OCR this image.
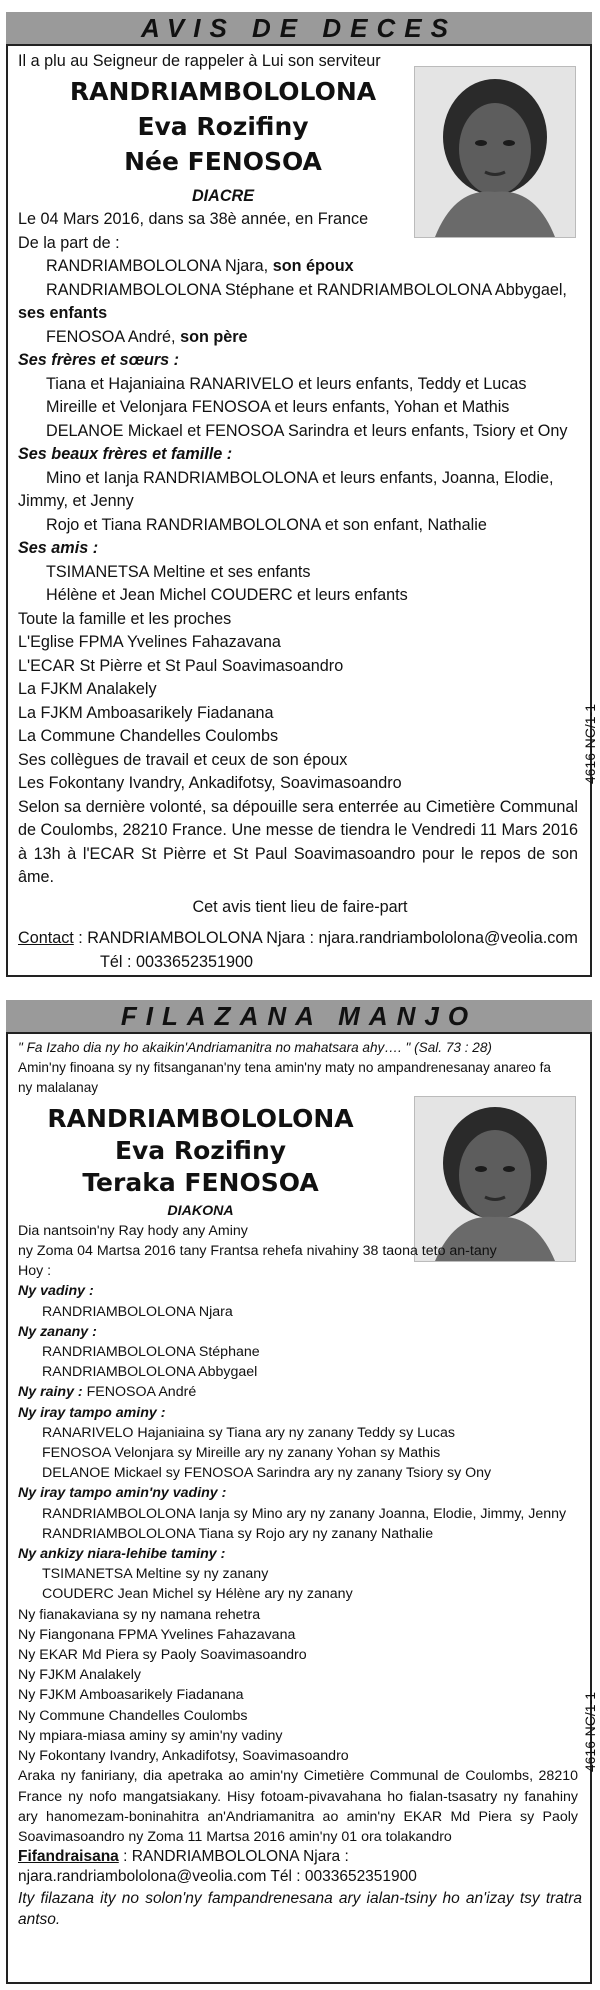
AVIS DE DECES
4616-NC/1-1
Il a plu au Seigneur de rappeler à Lui son serviteur
RANDRIAMBOLOLONA
Eva Rozifiny
Née FENOSOA
DIACRE
Le 04 Mars 2016, dans sa 38è année, en France
De la part de :
RANDRIAMBOLOLONA Njara, son époux
RANDRIAMBOLOLONA Stéphane et RANDRIAMBOLOLONA Abbygael,
ses enfants
FENOSOA André, son père
Ses frères et sœurs :
Tiana et Hajaniaina RANARIVELO et leurs enfants, Teddy et Lucas
Mireille et Velonjara FENOSOA et leurs enfants, Yohan et Mathis
DELANOE Mickael et FENOSOA Sarindra et leurs enfants, Tsiory et Ony
Ses beaux frères et famille :
Mino et Ianja RANDRIAMBOLOLONA et leurs enfants, Joanna, Elodie,
Jimmy, et Jenny
Rojo et Tiana RANDRIAMBOLOLONA et son enfant, Nathalie
Ses amis :
TSIMANETSA Meltine et ses enfants
Hélène et Jean Michel COUDERC et leurs enfants
Toute la famille et les proches
L'Eglise FPMA Yvelines Fahazavana
L'ECAR St Pièrre et St Paul Soavimasoandro
La FJKM Analakely
La FJKM Amboasarikely Fiadanana
La Commune Chandelles Coulombs
Ses collègues de travail et ceux de son époux
Les Fokontany Ivandry, Ankadifotsy, Soavimasoandro
Selon sa dernière volonté, sa dépouille sera enterrée au Cimetière Communal de Coulombs, 28210 France. Une messe de tiendra le Vendredi 11 Mars 2016 à 13h à l'ECAR St Pièrre et St Paul Soavimasoandro pour le repos de son âme.
Cet avis tient lieu de faire-part
Contact : RANDRIAMBOLOLONA Njara : njara.randriambololona@veolia.com
Tél : 0033652351900
FILAZANA MANJO
4616-NC/1-1
" Fa Izaho dia ny ho akaikin'Andriamanitra no mahatsara ahy…. " (Sal. 73 : 28)
Amin'ny finoana sy ny fitsanganan'ny tena amin'ny maty no ampandrenesanay anareo fa
ny malalanay
RANDRIAMBOLOLONA
Eva Rozifiny
Teraka FENOSOA
DIAKONA
Dia nantsoin'ny Ray hody any Aminy
ny Zoma 04 Martsa 2016 tany Frantsa rehefa nivahiny 38 taona teto an-tany
Hoy :
Ny vadiny :
RANDRIAMBOLOLONA Njara
Ny zanany :
RANDRIAMBOLOLONA Stéphane
RANDRIAMBOLOLONA Abbygael
Ny rainy : FENOSOA André
Ny iray tampo aminy :
RANARIVELO Hajaniaina sy Tiana ary ny zanany Teddy sy Lucas
FENOSOA Velonjara sy Mireille ary ny zanany Yohan sy Mathis
DELANOE Mickael sy FENOSOA Sarindra ary ny zanany Tsiory sy Ony
Ny iray tampo amin'ny vadiny :
RANDRIAMBOLOLONA Ianja sy Mino ary ny zanany Joanna, Elodie, Jimmy, Jenny
RANDRIAMBOLOLONA Tiana sy Rojo ary ny zanany Nathalie
Ny ankizy niara-lehibe taminy :
TSIMANETSA Meltine sy ny zanany
COUDERC Jean Michel sy Hélène ary ny zanany
Ny fianakaviana sy ny namana rehetra
Ny Fiangonana FPMA Yvelines Fahazavana
Ny EKAR Md Piera sy Paoly Soavimasoandro
Ny FJKM Analakely
Ny FJKM Amboasarikely Fiadanana
Ny Commune Chandelles Coulombs
Ny mpiara-miasa aminy sy amin'ny vadiny
Ny Fokontany Ivandry, Ankadifotsy, Soavimasoandro
Araka ny faniriany, dia apetraka ao amin'ny Cimetière Communal de Coulombs, 28210 France ny nofo mangatsiakany. Hisy fotoam-pivavahana ho fialan-tsasatry ny fanahiny ary hanomezam-boninahitra an'Andriamanitra ao amin'ny EKAR Md Piera sy Paoly Soavimasoandro ny Zoma 11 Martsa 2016 amin'ny 01 ora tolakandro
Fifandraisana : RANDRIAMBOLOLONA Njara :
njara.randriambololona@veolia.com Tél : 0033652351900
Ity filazana ity no solon'ny fampandrenesana ary ialan-tsiny ho an'izay tsy tratra antso.
